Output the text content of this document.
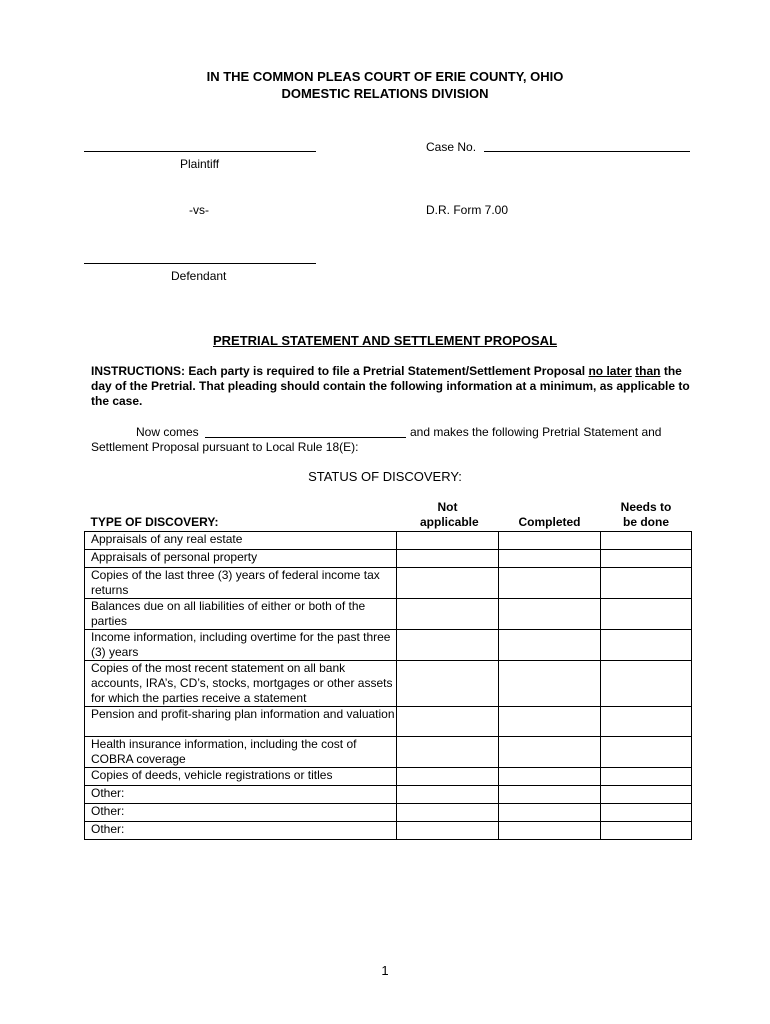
IN THE COMMON PLEAS COURT OF ERIE COUNTY, OHIO
DOMESTIC RELATIONS DIVISION
Plaintiff
Case No.
-vs-	D.R. Form 7.00
Defendant
PRETRIAL STATEMENT AND SETTLEMENT PROPOSAL
INSTRUCTIONS: Each party is required to file a Pretrial Statement/Settlement Proposal no later than the day of the Pretrial. That pleading should contain the following information at a minimum, as applicable to the case.
Now comes	and makes the following Pretrial Statement and
Settlement Proposal pursuant to Local Rule 18(E):
STATUS OF DISCOVERY:
TYPE OF DISCOVERY:	Not applicable	Completed	Needs to be done

Appraisals of any real estate			
Appraisals of personal property			
Copies of the last three (3) years of federal income tax returns			
Balances due on all liabilities of either or both of the parties			
Income information, including overtime for the past three (3) years			
Copies of the most recent statement on all bank accounts, IRA’s, CD’s, stocks, mortgages or other assets for which the parties receive a statement			
Pension and profit-sharing plan information and valuation			
Health insurance information, including the cost of COBRA coverage			
Copies of deeds, vehicle registrations or titles			
Other:			
Other:			
Other:			
1
